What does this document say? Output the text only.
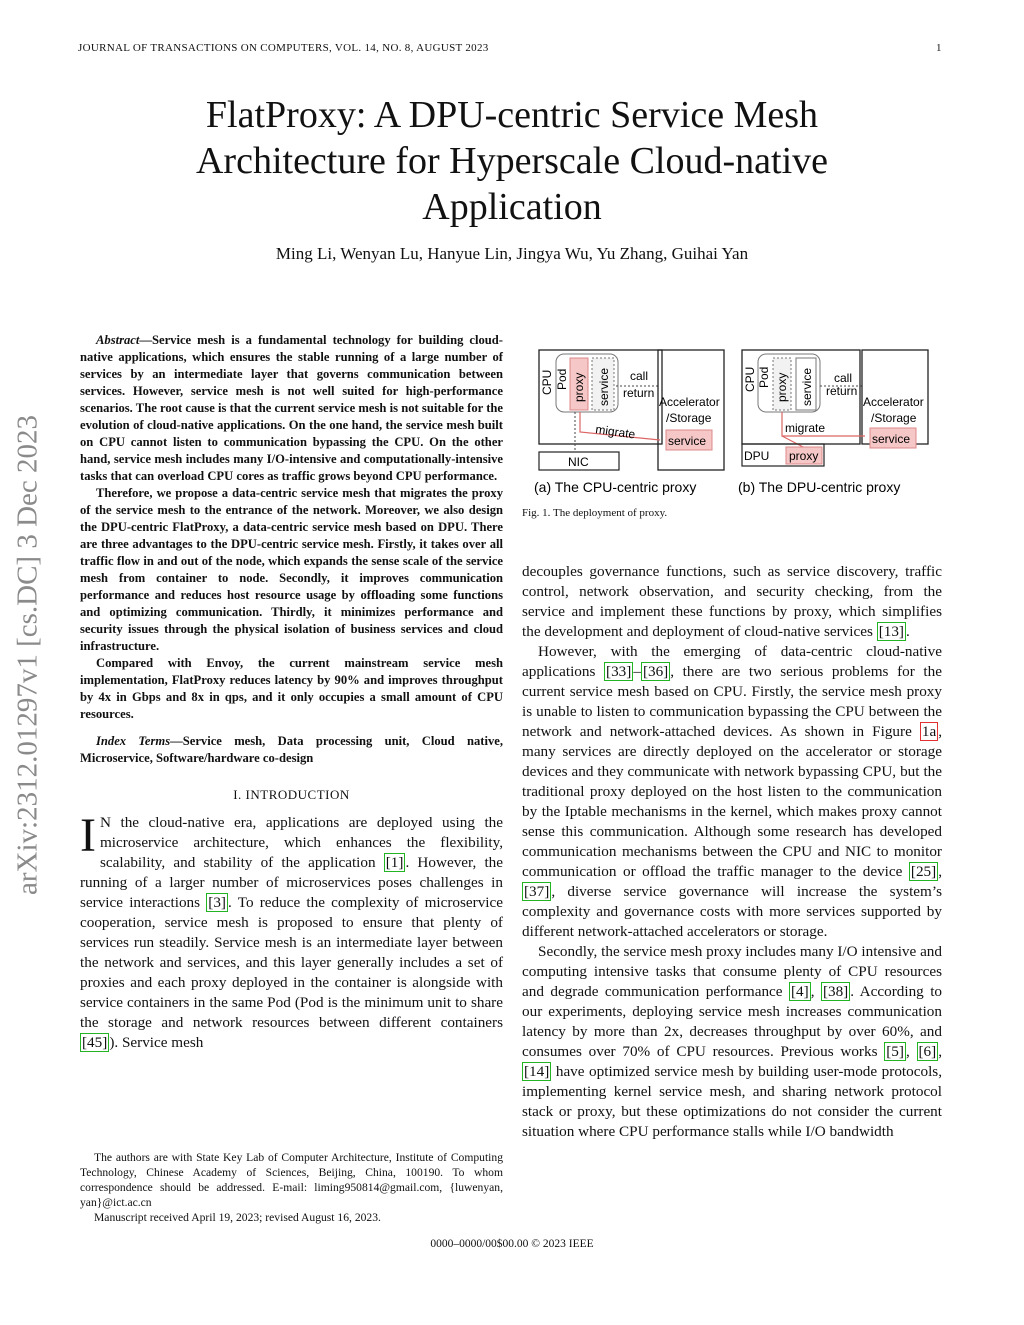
JOURNAL OF TRANSACTIONS ON COMPUTERS, VOL. 14, NO. 8, AUGUST 2023	1
FlatProxy: A DPU-centric Service Mesh
Architecture for Hyperscale Cloud-native
Application
Ming Li, Wenyan Lu, Hanyue Lin, Jingya Wu, Yu Zhang, Guihai Yan
arXiv:2312.01297v1 [cs.DC] 3 Dec 2023

Abstract—Service mesh is a fundamental technology for building cloud-native applications, which ensures the stable running of a large number of services by an intermediate layer that governs communication between services. However, service mesh is not well suited for high-performance scenarios. The root cause is that the current service mesh is not suitable for the evolution of cloud-native applications. On the one hand, the service mesh built on CPU cannot listen to communication bypassing the CPU. On the other hand, service mesh includes many I/O-intensive and computationally-intensive tasks that can overload CPU cores as traffic grows beyond CPU performance.

Therefore, we propose a data-centric service mesh that migrates the proxy of the service mesh to the entrance of the network. Moreover, we also design the DPU-centric FlatProxy, a data-centric service mesh based on DPU. There are three advantages to the DPU-centric service mesh. Firstly, it takes over all traffic flow in and out of the node, which expands the sense scale of the service mesh from container to node. Secondly, it improves communication performance and reduces host resource usage by offloading some functions and optimizing communication. Thirdly, it minimizes performance and security issues through the physical isolation of business services and cloud infrastructure.

Compared with Envoy, the current mainstream service mesh implementation, FlatProxy reduces latency by 90% and improves throughput by 4x in Gbps and 8x in qps, and it only occupies a small amount of CPU resources.

Index Terms—Service mesh, Data processing unit, Cloud native, Microservice, Software/hardware co-design
I. INTRODUCTION

I N the cloud-native era, applications are deployed using the microservice architecture, which enhances the flexibility, scalability, and stability of the application [1] . However, the running of a larger number of microservices poses challenges in service interactions [3] . To reduce the complexity of microservice cooperation, service mesh is proposed to ensure that plenty of services run steadily. Service mesh is an intermediate layer between the network and services, and this layer generally includes a set of proxies and each proxy deployed in the container is alongside with service containers in the same Pod (Pod is the minimum unit to share the storage and network resources between different containers [45] ). Service mesh

The authors are with State Key Lab of Computer Architecture, Institute of Computing Technology, Chinese Academy of Sciences, Beijing, China, 100190. To whom correspondence should be addressed. E-mail: liming950814@gmail.com, {luwenyan, yan}@ict.ac.cn

Manuscript received April 19, 2023; revised August 16, 2023.

CPU Pod proxy service call
return
Accelerator
/Storage
service
migrate
NIC
(a) The CPU-centric proxy
CPU Pod proxy service call
return
Accelerator
/Storage
service
migrate
DPU proxy
(b) The DPU-centric proxy
Fig. 1. The deployment of proxy.

decouples governance functions, such as service discovery, traffic control, network observation, and security checking, from the service and implement these functions by proxy, which simplifies the development and deployment of cloud-native services [13] .

However, with the emerging of data-centric cloud-native applications [33] – [36] , there are two serious problems for the current service mesh based on CPU. Firstly, the service mesh proxy is unable to listen to communication bypassing the CPU between the network and network-attached devices. As shown in Figure 1a , many services are directly deployed on the accelerator or storage devices and they communicate with network bypassing CPU, but the traditional proxy deployed on the host listen to the communication by the Iptable mechanisms in the kernel, which makes proxy cannot sense this communication. Although some research has developed communication mechanisms between the CPU and NIC to monitor communication or offload the traffic manager to the device [25] , [37] , diverse service governance will increase the system’s complexity and governance costs with more services supported by different network-attached accelerators or storage.

Secondly, the service mesh proxy includes many I/O intensive and computing intensive tasks that consume plenty of CPU resources and degrade communication performance [4] , [38] . According to our experiments, deploying service mesh increases communication latency by more than 2x, decreases throughput by over 60%, and consumes over 70% of CPU resources. Previous works [5] , [6] , [14] have optimized service mesh by building user-mode protocols, implementing kernel service mesh, and sharing network protocol stack or proxy, but these optimizations do not consider the current situation where CPU performance stalls while I/O bandwidth

0000–0000/00$00.00 © 2023 IEEE
